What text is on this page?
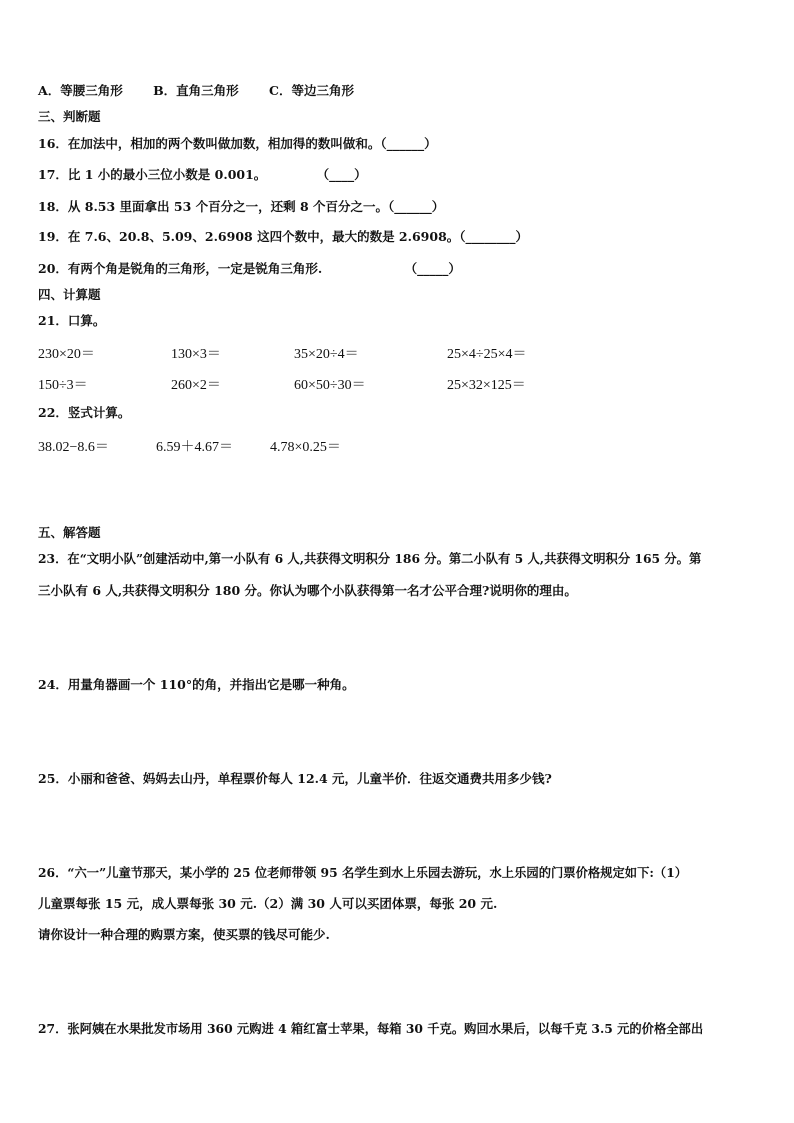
A．等腰三角形 B．直角三角形 C．等边三角形
三、判断题
16．在加法中，相加的两个数叫做加数，相加得的数叫做和。（______）
17．比 1 小的最小三位小数是 0.001。	（____）
18．从 8.53 里面拿出 53 个百分之一，还剩 8 个百分之一。（______）
19．在 7.6、20.8、5.09、2.6908 这四个数中，最大的数是 2.6908。（________）
20．有两个角是锐角的三角形，一定是锐角三角形.	（_____）
四、计算题
21．口算。
230×20＝	130×3＝	35×20÷4＝	25×4÷25×4＝
150÷3＝	260×2＝	60×50÷30＝	25×32×125＝
22．竖式计算。
38.02−8.6＝	6.59＋4.67＝	4.78×0.25＝
五、解答题
23．在“文明小队”创建活动中,第一小队有 6 人,共获得文明积分 186 分。第二小队有 5 人,共获得文明积分 165 分。第
三小队有 6 人,共获得文明积分 180 分。你认为哪个小队获得第一名才公平合理?说明你的理由。
24．用量角器画一个 110°的角，并指出它是哪一种角。
25．小丽和爸爸、妈妈去山丹，单程票价每人 12.4 元，儿童半价．往返交通费共用多少钱?
26．“六一”儿童节那天，某小学的 25 位老师带领 95 名学生到水上乐园去游玩，水上乐园的门票价格规定如下:（1）
儿童票每张 15 元，成人票每张 30 元.（2）满 30 人可以买团体票，每张 20 元.
请你设计一种合理的购票方案，使买票的钱尽可能少.
27．张阿姨在水果批发市场用 360 元购进 4 箱红富士苹果，每箱 30 千克。购回水果后，以每千克 3.5 元的价格全部出
